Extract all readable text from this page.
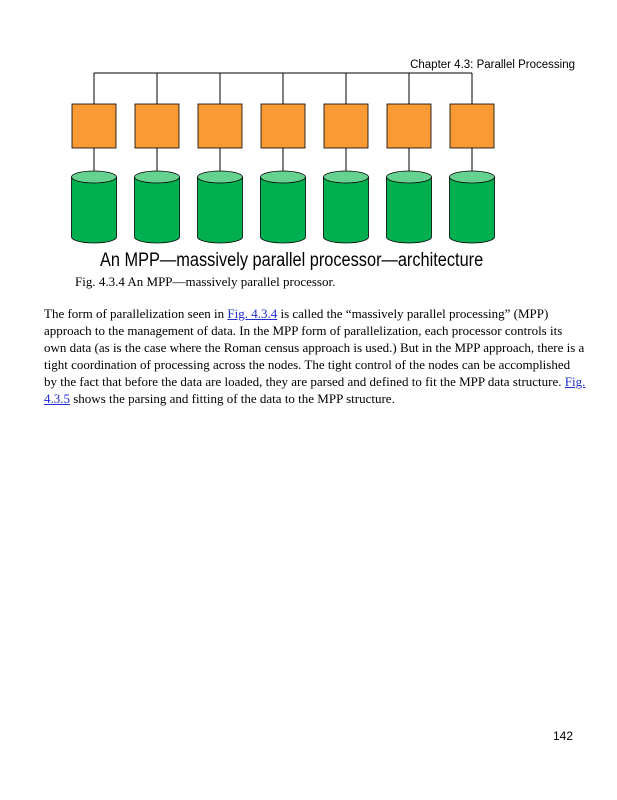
Chapter 4.3: Parallel Processing
An MPP—massively parallel processor—architecture
Fig. 4.3.4 An MPP—massively parallel processor.
The form of parallelization seen in Fig. 4.3.4 is called the “massively parallel processing” (MPP) approach to the management of data. In the MPP form of parallelization, each processor controls its own data (as is the case where the Roman census approach is used.) But in the MPP approach, there is a tight coordination of processing across the nodes. The tight control of the nodes can be accomplished by the fact that before the data are loaded, they are parsed and defined to fit the MPP data structure. Fig. 4.3.5 shows the parsing and fitting of the data to the MPP structure.
142
